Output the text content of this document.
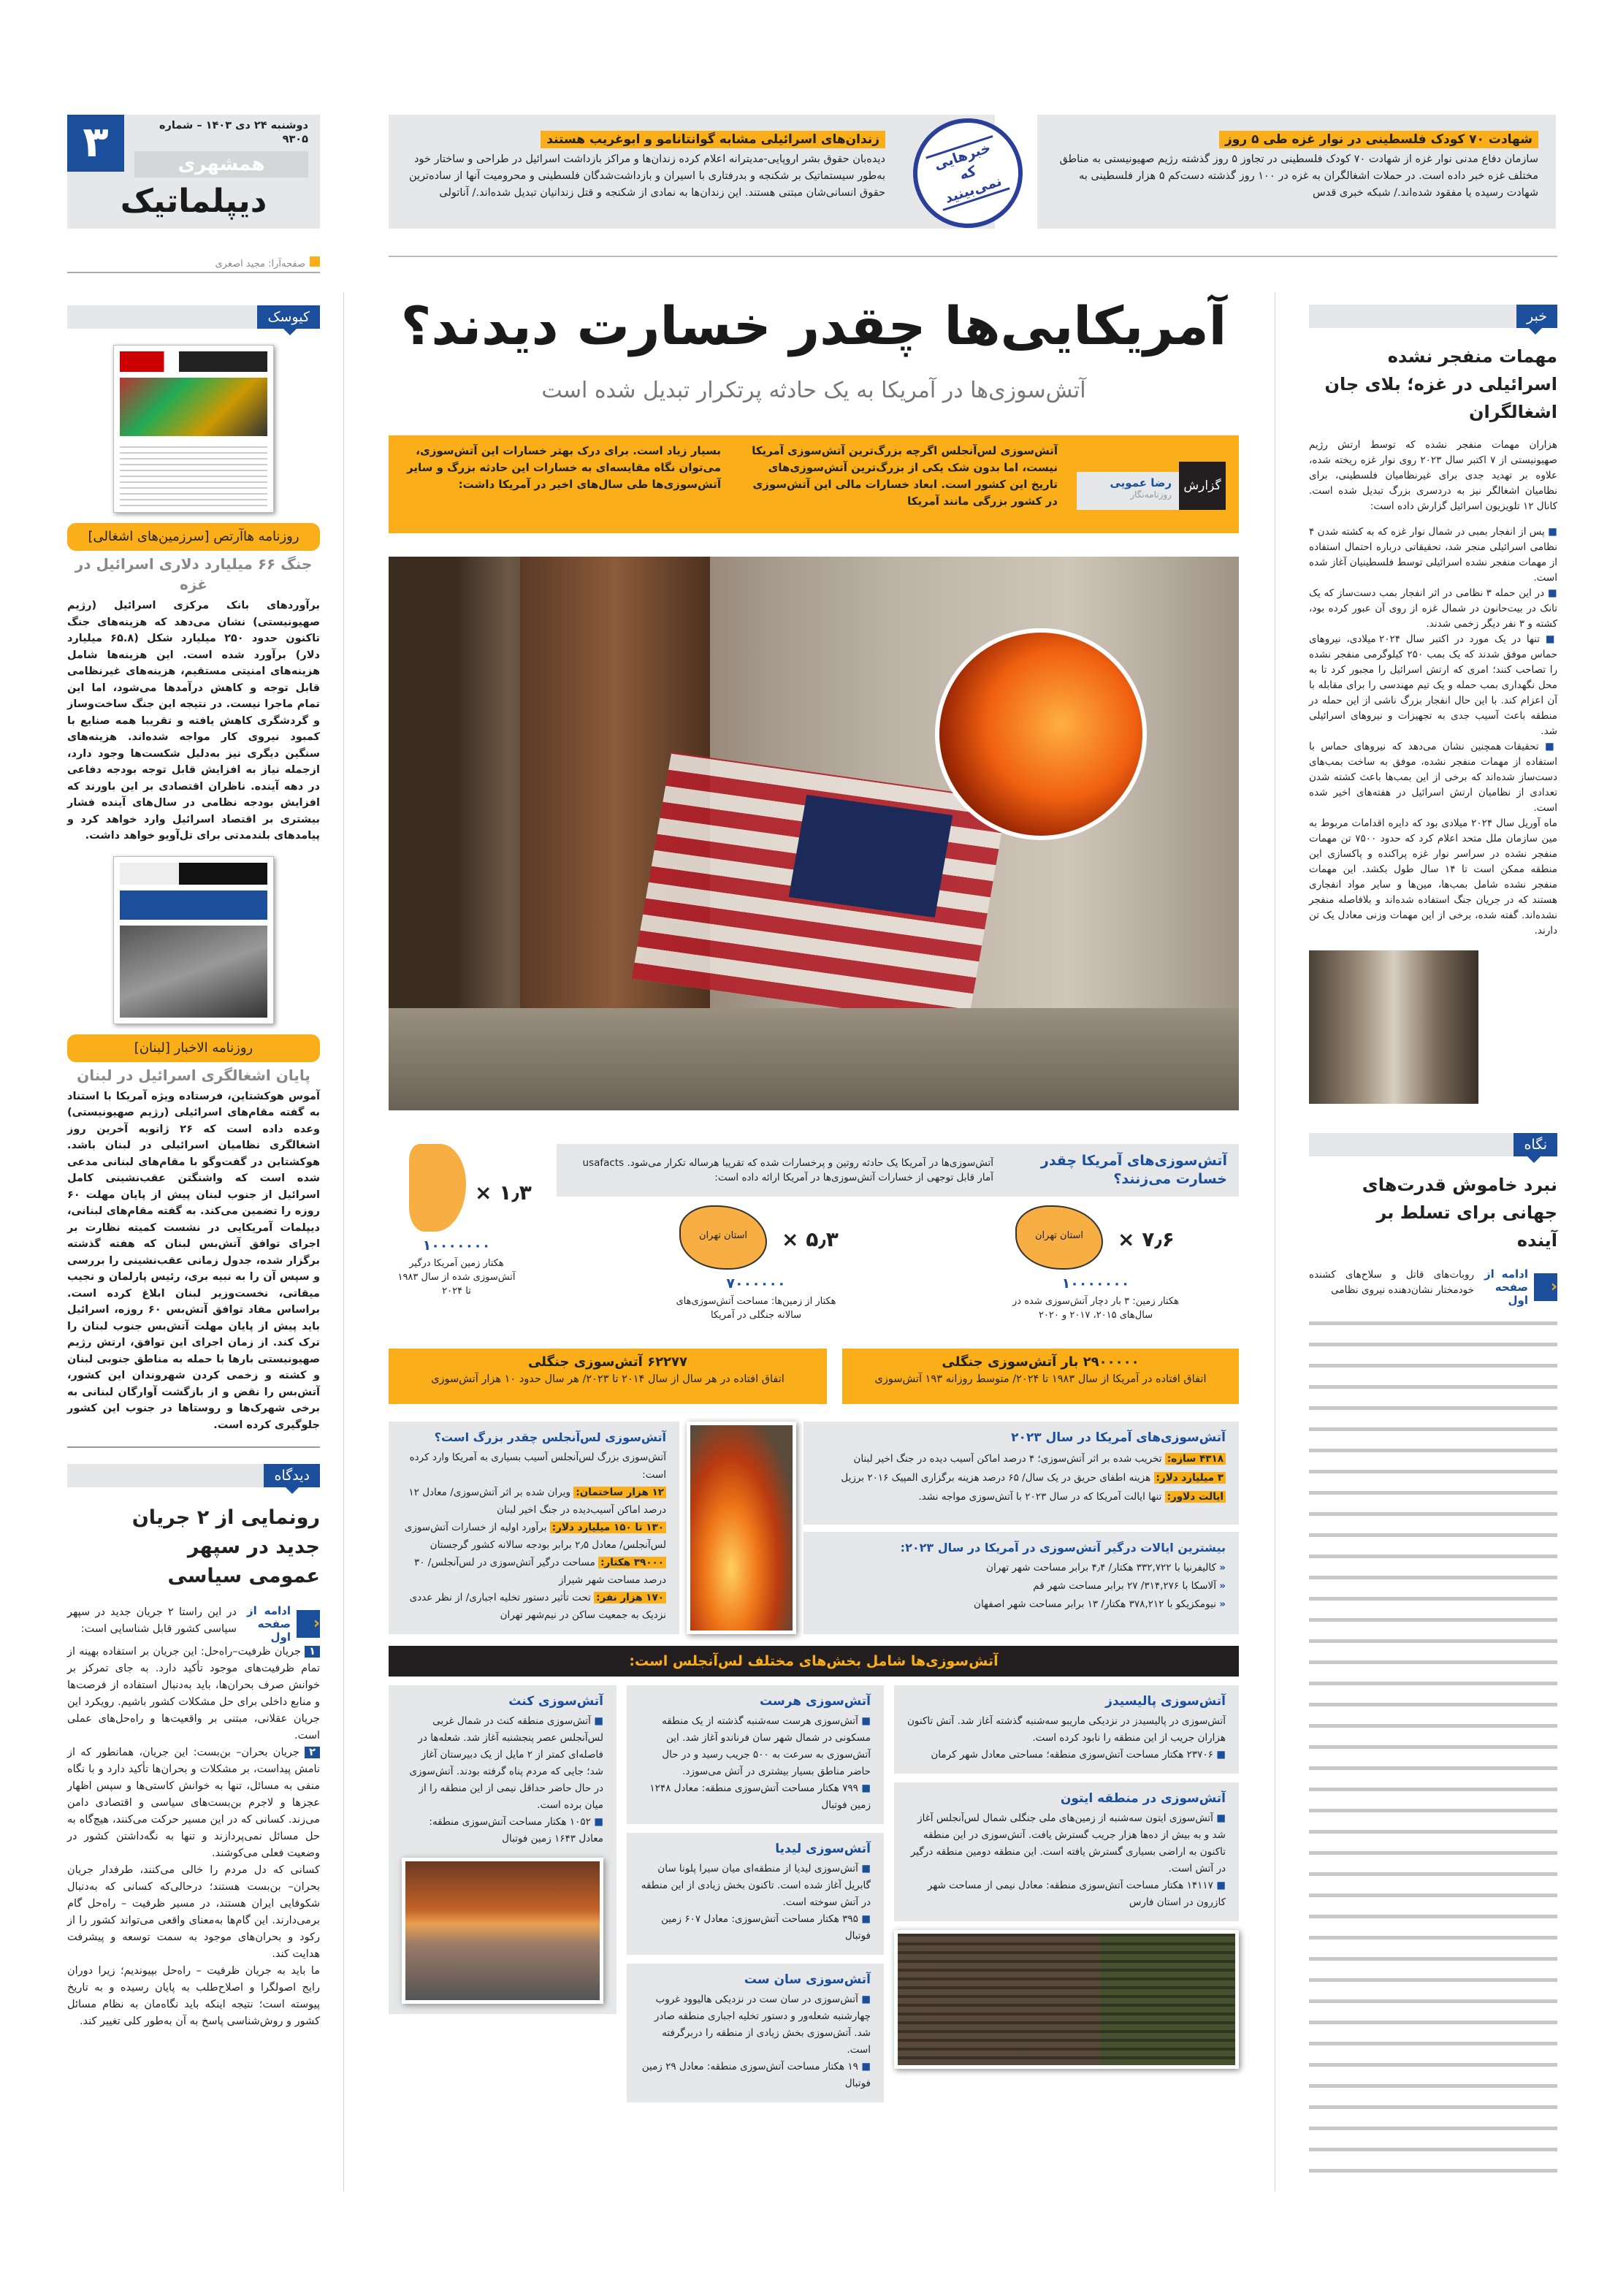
۳	دوشنبه ۲۴ دی ۱۴۰۳ – شماره ۹۳۰۵
همشهری
دیپلماتیک
صفحه‌آرا: مجید اصغری
کیوسک
روزنامه هاآرتص [سرزمین‌های اشغالی]
جنگ ۶۶ میلیارد دلاری اسرائیل در غزه
برآوردهای بانک مرکزی اسرائیل (رژیم صهیونیستی) نشان می‌دهد که هزینه‌های جنگ تاکنون حدود ۲۵۰ میلیارد شکل (۶۵.۸ میلیارد دلار) برآورد شده است. این هزینه‌ها شامل هزینه‌های امنیتی مستقیم، هزینه‌های غیرنظامی قابل توجه و کاهش درآمدها می‌شود، اما این تمام ماجرا نیست. در نتیجه این جنگ ساخت‌وساز و گردشگری کاهش یافته و تقریبا همه صنایع با کمبود نیروی کار مواجه شده‌اند. هزینه‌های سنگین دیگری نیز به‌دلیل شکست‌ها وجود دارد، ازجمله نیاز به افزایش قابل توجه بودجه دفاعی در دهه آینده. ناظران اقتصادی بر این باورند که افزایش بودجه نظامی در سال‌های آینده فشار بیشتری بر اقتصاد اسرائیل وارد خواهد کرد و پیامدهای بلندمدتی برای تل‌آویو خواهد داشت.
روزنامه الاخبار [لبنان]
پایان اشغالگری اسرائیل در لبنان
آموس هوکشتاین، فرستاده ویژه آمریکا با استناد به گفته مقام‌های اسرائیلی (رژیم صهیونیستی) وعده داده است که ۲۶ ژانویه آخرین روز اشغالگری نظامیان اسرائیلی در لبنان باشد. هوکشتاین در گفت‌وگو با مقام‌های لبنانی مدعی شده است که واشنگتن عقب‌نشینی کامل اسرائیل از جنوب لبنان پیش از پایان مهلت ۶۰ روزه را تضمین می‌کند. به گفته مقام‌های لبنانی، دیپلمات آمریکایی در نشست کمیته نظارت بر اجرای توافق آتش‌بس لبنان که هفته گذشته برگزار شده، جدول زمانی عقب‌نشینی را بررسی و سپس آن را به نبیه بری، رئیس پارلمان و نجیب میقاتی، نخست‌وزیر لبنان ابلاغ کرده است. براساس مفاد توافق آتش‌بس ۶۰ روزه، اسرائیل باید پیش از پایان مهلت آتش‌بس جنوب لبنان را ترک کند. از زمان اجرای این توافق، ارتش رژیم صهیونیستی بارها با حمله به مناطق جنوبی لبنان و کشته و زخمی کردن شهروندان این کشور، آتش‌بس را نقض و از بازگشت آوارگان لبنانی به برخی شهرک‌ها و روستاها در جنوب این کشور جلوگیری کرده است.
دیدگاه
رونمایی از ۲ جریان جدید در سپهر عمومی سیاسی
‹
ادامه از صفحه اول

در این راستا ۲ جریان جدید در سپهر سیاسی کشور قابل شناسایی است:

۱ جریان ظرفیت–راه‌حل: این جریان بر استفاده بهینه از تمام ظرفیت‌های موجود تأکید دارد. به جای تمرکز بر خوانش صرف بحران‌ها، باید به‌دنبال استفاده از فرصت‌ها و منابع داخلی برای حل مشکلات کشور باشیم. رویکرد این جریان عقلانی، مبتنی بر واقعیت‌ها و راه‌حل‌های عملی است.

۲ جریان بحران– بن‌بست: این جریان، همانطور که از نامش پیداست، بر مشکلات و بحران‌ها تأکید دارد و با نگاه منفی به مسائل، تنها به خوانش کاستی‌ها و سپس اظهار عجزها و لاجرم بن‌بست‌های سیاسی و اقتصادی دامن می‌زند. کسانی که در این مسیر حرکت می‌کنند، هیچ‌گاه به حل مسائل نمی‌پردازند و تنها به نگه‌داشتن کشور در وضعیت فعلی می‌کوشند.

کسانی که دل مردم را خالی می‌کنند، طرفدار جریان بحران– بن‌بست هستند؛ درحالی‌که کسانی که به‌دنبال شکوفایی ایران هستند، در مسیر ظرفیت – راه‌حل گام برمی‌دارند. این گام‌ها به‌معنای واقعی می‌تواند کشور را از رکود و بحران‌های موجود به سمت توسعه و پیشرفت هدایت کند.

ما باید به جریان ظرفیت – راه‌حل بپیوندیم؛ زیرا دوران رایج اصولگرا و اصلاح‌طلب به پایان رسیده و به تاریخ پیوسته است؛ نتیجه اینکه باید نگاه‌مان به نظام مسائل کشور و روش‌شناسی پاسخ به آن به‌طور کلی تغییر کند.

زندان‌های اسرائیلی مشابه گوانتانامو و ابوغریب هستند

دیده‌بان حقوق بشر اروپایی-مدیترانه اعلام کرده زندان‌ها و مراکز بازداشت اسرائیل در طراحی و ساختار خود به‌طور سیستماتیک بر شکنجه و بدرفتاری با اسیران و بازداشت‌شدگان فلسطینی و محرومیت آنها از ساده‌ترین حقوق انسانی‌شان مبتنی هستند. این زندان‌ها به نمادی از شکنجه و قتل زندانیان تبدیل شده‌اند./ آناتولی

خبرهایی که نمی‌بینید
شهادت ۷۰ کودک فلسطینی در نوار غزه طی ۵ روز

سازمان دفاع مدنی نوار غزه از شهادت ۷۰ کودک فلسطینی در تجاوز ۵ روز گذشته رژیم صهیونیستی به مناطق مختلف غزه خبر داده است. در حملات اشغالگران به غزه در ۱۰۰ روز گذشته دست‌کم ۵ هزار فلسطینی به شهادت رسیده یا مفقود شده‌اند./ شبکه خبری قدس

آمریکایی‌ها چقدر خسارت دیدند؟
آتش‌سوزی‌ها در آمریکا به یک حادثه پرتکرار تبدیل شده است
گزارش
رضا عمویی
روزنامه‌نگار

آتش‌سوزی لس‌آنجلس اگرچه بزرگ‌ترین آتش‌سوزی آمریکا نیست، اما بدون شک یکی از بزرگ‌ترین آتش‌سوزی‌های تاریخ این کشور است. ابعاد خسارات مالی این آتش‌سوزی در کشور بزرگی مانند آمریکا

بسیار زیاد است. برای درک بهتر خسارات این آتش‌سوزی، می‌توان نگاه مقایسه‌ای به خسارات این حادثه بزرگ و سایر آتش‌سوزی‌ها طی سال‌های اخیر در آمریکا داشت:

آتش‌سوزی‌های آمریکا چقدر خسارت می‌زنند؟

آتش‌سوزی‌ها در آمریکا یک حادثه روتین و پرخسارات شده که تقریبا هرساله تکرار می‌شود. usafacts آمار قابل توجهی از خسارات آتش‌سوزی‌ها در آمریکا ارائه داده است:

استان تهران	× ۷٫۶
۱۰۰۰۰۰۰۰
هکتار زمین: ۳ بار دچار آتش‌سوزی شده در سال‌های ۲۰۱۵، ۲۰۱۷ و ۲۰۲۰
استان تهران	× ۵٫۳
۷۰۰۰۰۰۰
هکتار از زمین‌ها: مساحت آتش‌سوزی‌های سالانه جنگلی در آمریکا
× ۱٫۳
۱۰۰۰۰۰۰۰
هکتار زمین آمریکا درگیر آتش‌سوزی شده از سال ۱۹۸۳ تا ۲۰۲۴
۲۹۰۰۰۰۰ بار آتش‌سوزی جنگلی
اتفاق افتاده در آمریکا از سال ۱۹۸۳ تا ۲۰۲۴/ متوسط روزانه ۱۹۳ آتش‌سوزی
۶۲۲۷۷ آتش‌سوزی جنگلی
اتفاق افتاده در هر سال از سال ۲۰۱۴ تا ۲۰۲۳/ هر سال حدود ۱۰ هزار آتش‌سوزی
آتش‌سوزی‌های آمریکا در سال ۲۰۲۳

۴۳۱۸ سازه: تخریب شده بر اثر آتش‌سوزی؛ ۴ درصد اماکن آسیب دیده در جنگ اخیر لبنان

۳ میلیارد دلار: هزینه اطفای حریق در یک سال/ ۶۵ درصد هزینه برگزاری المپیک ۲۰۱۶ برزیل

ایالت دلاور: تنها ایالت آمریکا که در سال ۲۰۲۳ با آتش‌سوزی مواجه نشد.

بیشترین ایالات درگیر آتش‌سوزی در آمریکا در سال ۲۰۲۳:

« کالیفرنیا با ۳۳۲,۷۲۲ هکتار/ ۴٫۴ برابر مساحت شهر تهران

« آلاسکا با ۳۱۴,۲۷۶/ ۲۷ برابر مساحت شهر قم

« نیومکزیکو با ۳۷۸,۲۱۲ هکتار/ ۱۳ برابر مساحت شهر اصفهان

آتش‌سوزی لس‌آنجلس چقدر بزرگ است؟

آتش‌سوزی بزرگ لس‌آنجلس آسیب بسیاری به آمریکا وارد کرده است:

۱۲ هزار ساختمان: ویران شده بر اثر آتش‌سوزی/ معادل ۱۲ درصد اماکن آسیب‌دیده در جنگ اخیر لبنان

۱۳۰ تا ۱۵۰ میلیارد دلار: برآورد اولیه از خسارات آتش‌سوزی لس‌آنجلس/ معادل ۲٫۵ برابر بودجه سالانه کشور گرجستان

۳۹۰۰۰ هکتار: مساحت درگیر آتش‌سوزی در لس‌آنجلس/ ۳۰ درصد مساحت شهر شیراز

۱۷۰ هزار نفر: تحت تأثیر دستور تخلیه اجباری/ از نظر عددی نزدیک به جمعیت ساکن در نیم‌شهر تهران

آتش‌سوزی‌ها شامل بخش‌های مختلف لس‌آنجلس است:
آتش‌سوزی پالیسیدز

آتش‌سوزی در پالیسیدز در نزدیکی ماریبو سه‌شنبه گذشته آغاز شد. آتش تاکنون هزاران جریب از این منطقه را نابود کرده است.

■ ۲۳۷۰۶ هکتار مساحت آتش‌سوزی منطقه؛ مساحتی معادل شهر کرمان

آتش‌سوزی در منطقه ایتون

■ آتش‌سوزی ایتون سه‌شنبه از زمین‌های ملی جنگلی شمال لس‌آنجلس آغاز شد و به بیش از ده‌ها هزار جریب گسترش یافت. آتش‌سوزی در این منطقه تاکنون به اراضی بسیاری گسترش یافته است. این منطقه دومین منطقه درگیر در آتش است.

■ ۱۴۱۱۷ هکتار مساحت آتش‌سوزی منطقه: معادل نیمی از مساحت شهر کازرون در استان فارس

آتش‌سوزی هرست

■ آتش‌سوزی هرست سه‌شنبه گذشته از یک منطقه مسکونی در شمال شهر سان فرناندو آغاز شد. این آتش‌سوزی به سرعت به ۵۰۰ جریب رسید و در حال حاضر مناطق بسیار بیشتری در آتش می‌سوزد.

■ ۷۹۹ هکتار مساحت آتش‌سوزی منطقه: معادل ۱۲۴۸ زمین فوتبال

آتش‌سوزی لیدیا

■ آتش‌سوزی لیدیا از منطقه‌ای میان سیرا پلونا سان گابریل آغاز شده است. تاکنون بخش زیادی از این منطقه در آتش سوخته است.

■ ۳۹۵ هکتار مساحت آتش‌سوزی: معادل ۶۰۷ زمین فوتبال

آتش‌سوزی سان ست

■ آتش‌سوزی در سان ست در نزدیکی هالیوود غروب چهارشنبه شعله‌ور و دستور تخلیه اجباری منطقه صادر شد. آتش‌سوزی بخش زیادی از منطقه را دربرگرفته است.

■ ۱۹ هکتار مساحت آتش‌سوزی منطقه: معادل ۲۹ زمین فوتبال

آتش‌سوزی کنث

■ آتش‌سوزی منطقه کنث در شمال غربی لس‌آنجلس عصر پنجشنبه آغاز شد. شعله‌ها در فاصله‌ای کمتر از ۲ مایل از یک دبیرستان آغاز شد؛ جایی که مردم پناه گرفته بودند. آتش‌سوزی در حال حاضر حداقل نیمی از این منطقه را از میان برده است.

■ ۱۰۵۲ هکتار مساحت آتش‌سوزی منطقه: معادل ۱۶۴۳ زمین فوتبال

خبر
مهمات منفجر نشده اسرائیلی در غزه؛ بلای جان اشغالگران

هزاران مهمات منفجر نشده که توسط ارتش رژیم صهیونیستی از ۷ اکتبر سال ۲۰۲۳ روی نوار غزه ریخته شده، علاوه بر تهدید جدی برای غیرنظامیان فلسطینی، برای نظامیان اشغالگر نیز به دردسری بزرگ تبدیل شده است. کانال ۱۲ تلویزیون اسرائیل گزارش داده است:

■ پس از انفجار بمبی در شمال نوار غزه که به کشته شدن ۴ نظامی اسرائیلی منجر شد، تحقیقاتی درباره احتمال استفاده از مهمات منفجر نشده اسرائیلی توسط فلسطینیان آغاز شده است.

■ در این حمله ۳ نظامی در اثر انفجار بمب دست‌ساز که یک تانک در بیت‌حانون در شمال غزه از روی آن عبور کرده بود، کشته و ۳ نفر دیگر زخمی شدند.

■ تنها در یک مورد در اکتبر سال ۲۰۲۴ میلادی، نیروهای حماس موفق شدند که یک بمب ۲۵۰ کیلوگرمی منفجر نشده را تصاحب کنند؛ امری که ارتش اسرائیل را مجبور کرد تا به محل نگهداری بمب حمله و یک تیم مهندسی را برای مقابله با آن اعزام کند. با این حال انفجار بزرگ ناشی از این حمله در منطقه باعث آسیب جدی به تجهیزات و نیروهای اسرائیلی شد.

■ تحقیقات همچنین نشان می‌دهد که نیروهای حماس با استفاده از مهمات منفجر نشده، موفق به ساخت بمب‌های دست‌ساز شده‌اند که برخی از این بمب‌ها باعث کشته شدن تعدادی از نظامیان ارتش اسرائیل در هفته‌های اخیر شده است.

ماه آوریل سال ۲۰۲۴ میلادی بود که دایره اقدامات مربوط به مین سازمان ملل متحد اعلام کرد که حدود ۷۵۰۰ تن مهمات منفجر نشده در سراسر نوار غزه پراکنده و پاکسازی این منطقه ممکن است تا ۱۴ سال طول بکشد. این مهمات منفجر نشده شامل بمب‌ها، مین‌ها و سایر مواد انفجاری هستند که در جریان جنگ استفاده شده‌اند و بلافاصله منفجر نشده‌اند. گفته شده، برخی از این مهمات وزنی معادل یک تن دارند.

نگاه
نبرد خاموش قدرت‌های جهانی برای تسلط بر آینده
‹
ادامه از صفحه اول

روبات‌های قاتل و سلاح‌های کشنده خودمختار نشان‌دهنده نیروی نظامی
